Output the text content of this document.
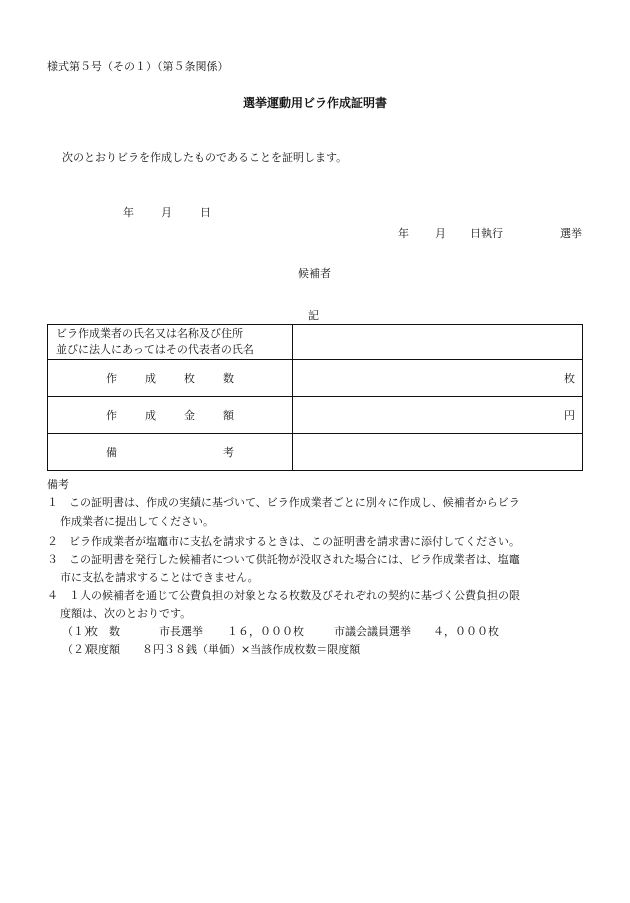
様式第５号（その１）（第５条関係）
選挙運動用ビラ作成証明書
次のとおりビラを作成したものであることを証明します。
年 月	日
年 月 日執行	選挙
候補者
記
ビラ作成業者の氏名又は名称及び住所
並びに法人にあってはその代表者の氏名	

作 成 枚 数	枚

作 成 金 額	円

備 考	

備考
１　この証明書は、作成の実績に基づいて、ビラ作成業者ごとに別々に作成し、候補者からビラ
作成業者に提出してください。
２　ビラ作成業者が塩竈市に支払を請求するときは、この証明書を請求書に添付してください。
３　この証明書を発行した候補者について供託物が没収された場合には、ビラ作成業者は、塩竈
市に支払を請求することはできません。
４　１人の候補者を通じて公費負担の対象となる枚数及びそれぞれの契約に基づく公費負担の限
度額は、次のとおりです。
（１）
枚　数	市長選挙 １６，０００枚	市議会議員選挙 ４，０００枚
（２）
限度額　　８円３８銭（単価）×当該作成枚数＝限度額
